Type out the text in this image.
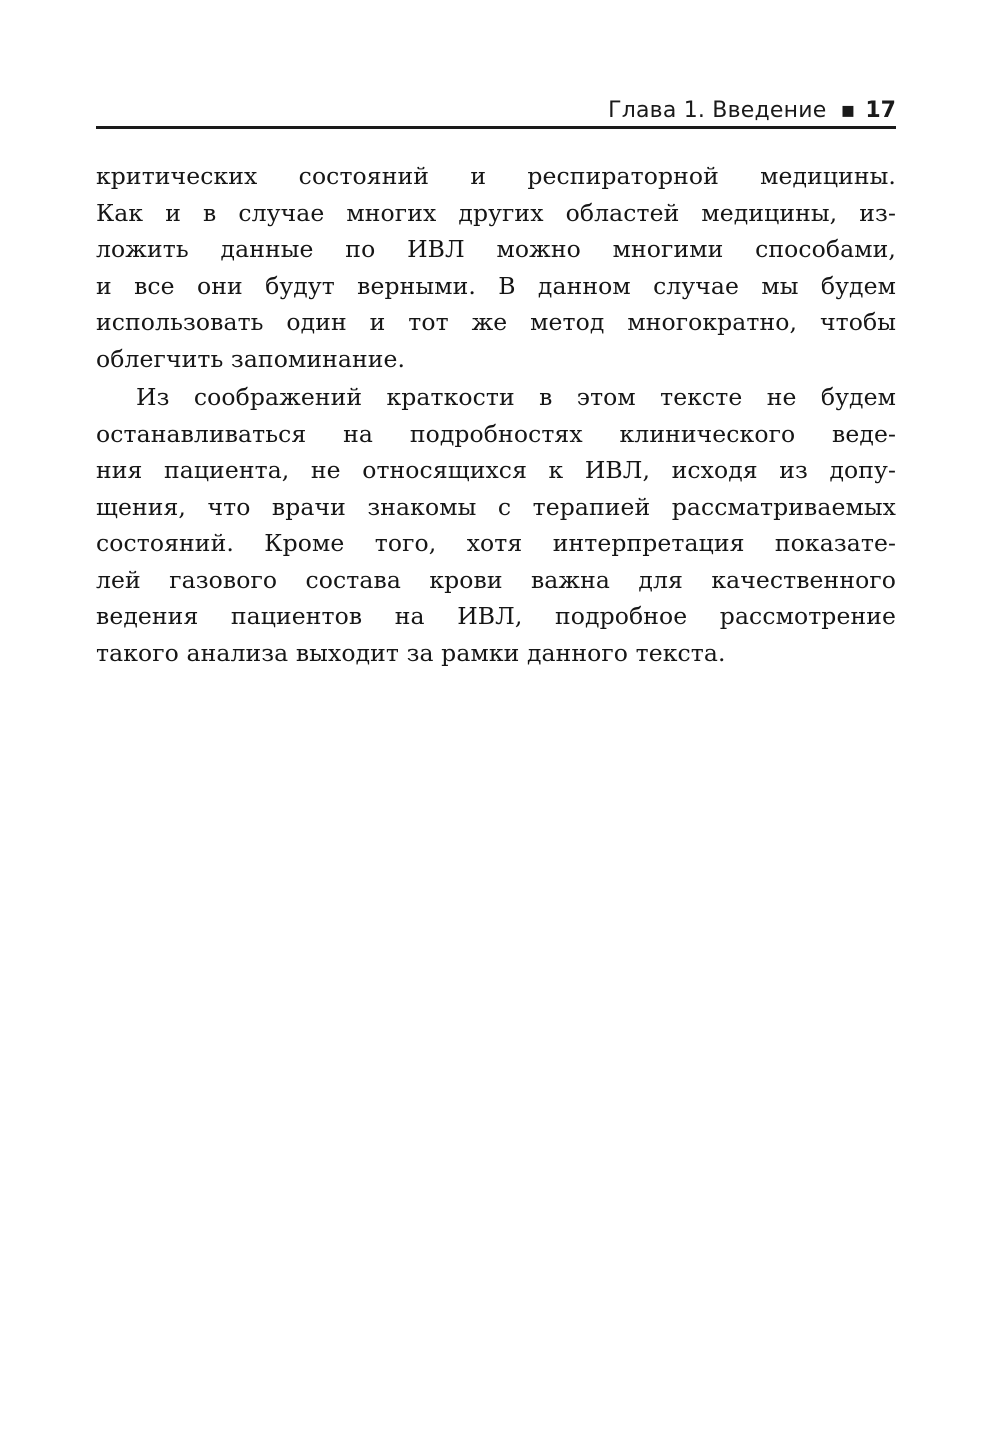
Глава 1. Введение ▪ 17
критических состояний и респираторной медицины.
Как и в случае многих других областей медицины, из-
ложить данные по ИВЛ можно многими способами,
и все они будут верными. В данном случае мы будем
использовать один и тот же метод многократно, чтобы
облегчить запоминание.
Из соображений краткости в этом тексте не будем
останавливаться на подробностях клинического веде-
ния пациента, не относящихся к ИВЛ, исходя из допу-
щения, что врачи знакомы с терапией рассматриваемых
состояний. Кроме того, хотя интерпретация показате-
лей газового состава крови важна для качественного
ведения пациентов на ИВЛ, подробное рассмотрение
такого анализа выходит за рамки данного текста.
